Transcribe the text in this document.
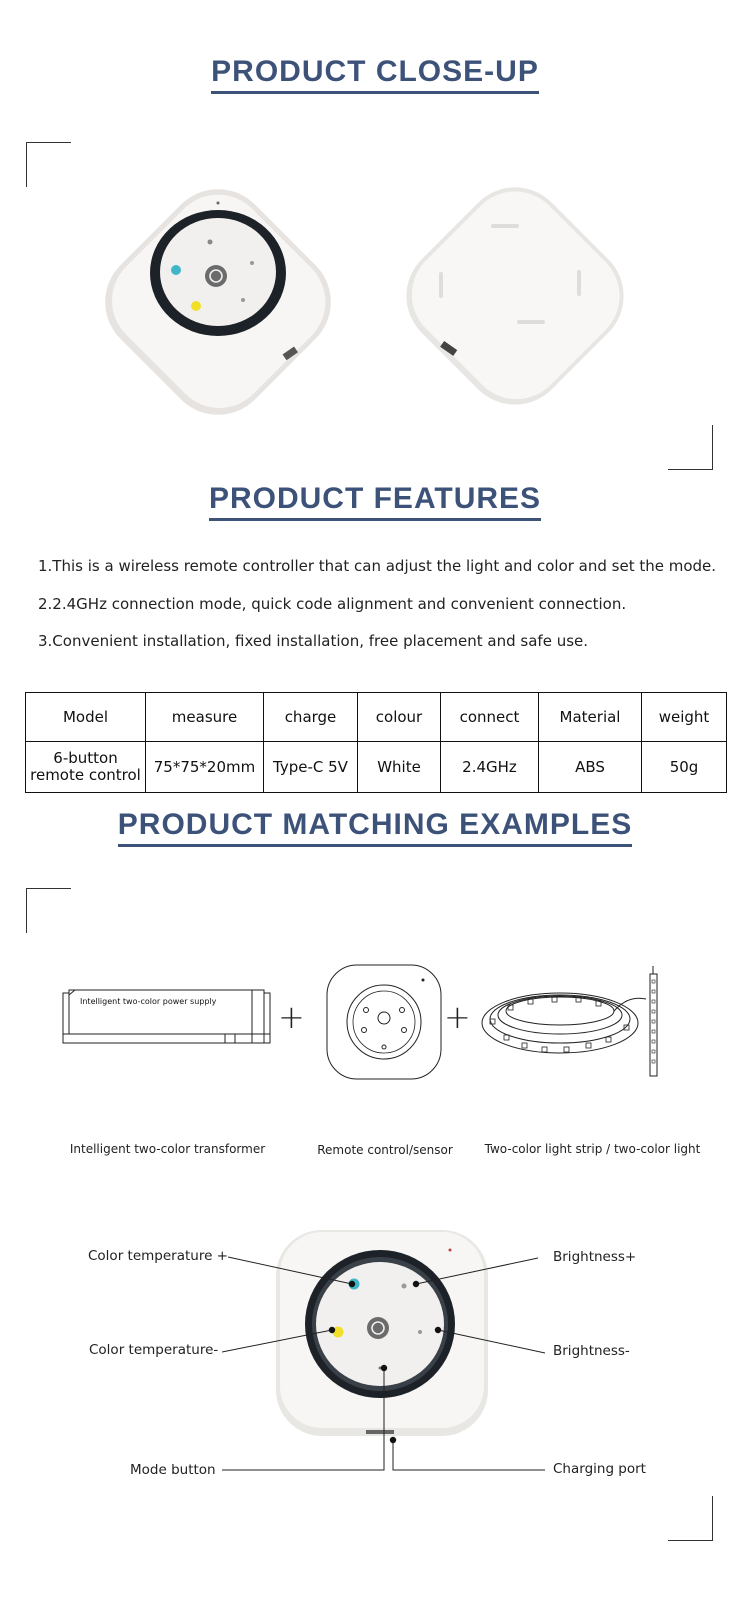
PRODUCT CLOSE-UP
PRODUCT FEATURES
1.This is a wireless remote controller that can adjust the light and color and set the mode.
2.2.4GHz connection mode, quick code alignment and convenient connection.
3.Convenient installation, fixed installation, free placement and safe use.
Model	measure	charge	colour	connect	Material	weight
6-button remote control	75*75*20mm	Type-C 5V	White	2.4GHz	ABS	50g
PRODUCT MATCHING EXAMPLES
Intelligent two-color power supply +	+
Intelligent two-color transformer	Remote control/sensor	Two-color light strip / two-color light
Color temperature +	Brightness+
Color temperature-	Brightness-
Mode button	Charging port
